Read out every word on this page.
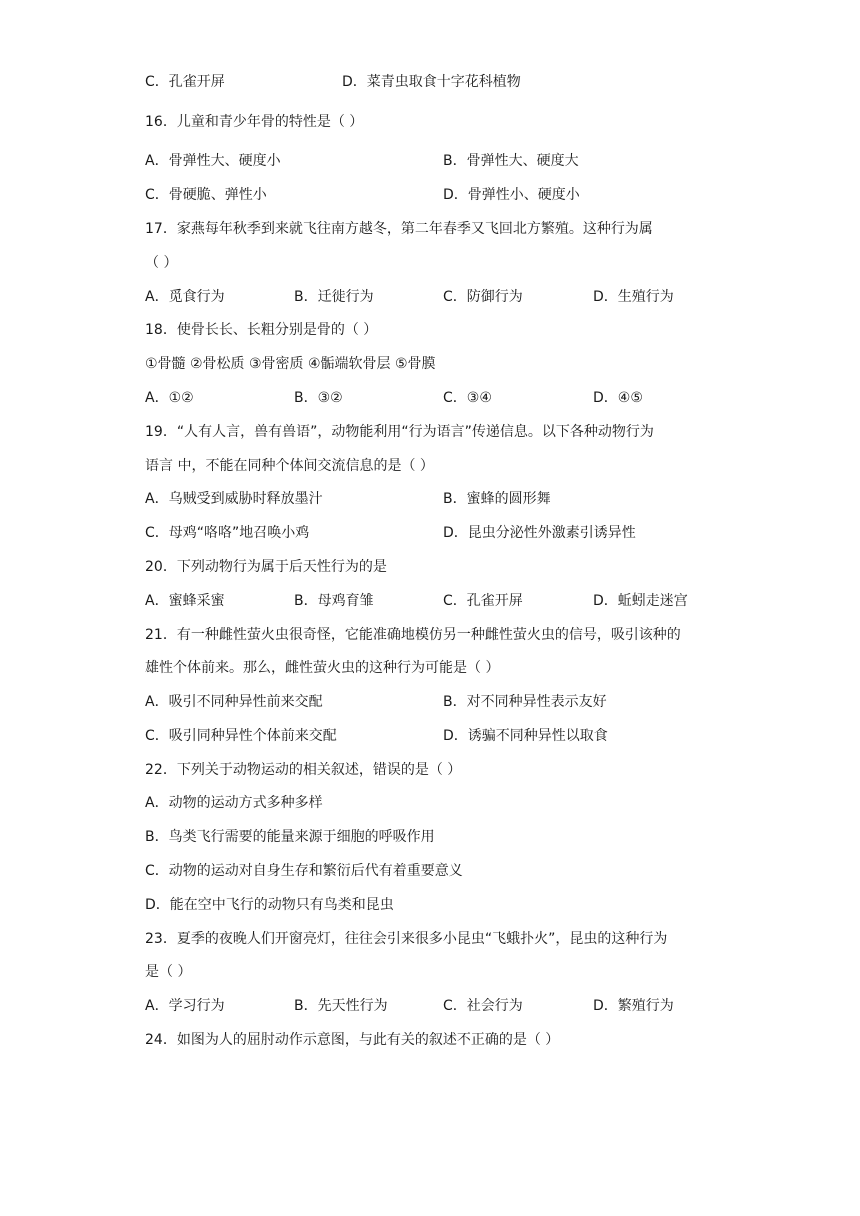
C．孔雀开屏	D．菜青虫取食十字花科植物
16．儿童和青少年骨的特性是（ ）
A．骨弹性大、硬度小	B．骨弹性大、硬度大
C．骨硬脆、弹性小	D．骨弹性小、硬度小
17．家燕每年秋季到来就飞往南方越冬，第二年春季又飞回北方繁殖。这种行为属
（ ）
A．觅食行为	B．迁徙行为	C．防御行为	D．生殖行为
18．使骨长长、长粗分别是骨的（ ）
①骨髓 ②骨松质 ③骨密质 ④骺端软骨层 ⑤骨膜
A．①②	B．③②	C．③④	D．④⑤
19．“人有人言，兽有兽语”，动物能利用“行为语言”传递信息。以下各种动物行为
语言 中，不能在同种个体间交流信息的是（ ）
A．乌贼受到威胁时释放墨汁	B．蜜蜂的圆形舞
C．母鸡“咯咯”地召唤小鸡	D．昆虫分泌性外激素引诱异性
20．下列动物行为属于后天性行为的是
A．蜜蜂采蜜	B．母鸡育雏	C．孔雀开屏	D．蚯蚓走迷宫
21．有一种雌性萤火虫很奇怪，它能准确地模仿另一种雌性萤火虫的信号，吸引该种的
雄性个体前来。那么，雌性萤火虫的这种行为可能是（ ）
A．吸引不同种异性前来交配	B．对不同种异性表示友好
C．吸引同种异性个体前来交配	D．诱骗不同种异性以取食
22．下列关于动物运动的相关叙述，错误的是（ ）
A．动物的运动方式多种多样
B．鸟类飞行需要的能量来源于细胞的呼吸作用
C．动物的运动对自身生存和繁衍后代有着重要意义
D．能在空中飞行的动物只有鸟类和昆虫
23．夏季的夜晚人们开窗亮灯，往往会引来很多小昆虫“飞蛾扑火”，昆虫的这种行为
是（ ）
A．学习行为	B．先天性行为	C．社会行为	D．繁殖行为
24．如图为人的屈肘动作示意图，与此有关的叙述不正确的是（ ）
